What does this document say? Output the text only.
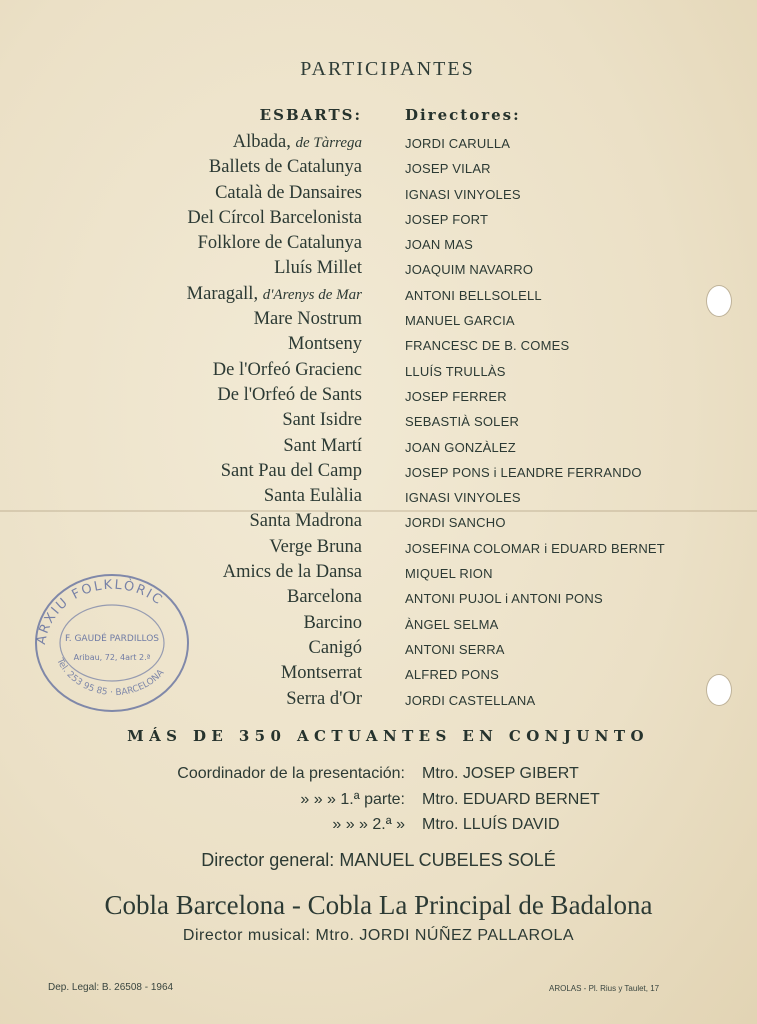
PARTICIPANTES
ESBARTS:	Directores:
Albada, de Tàrrega	JORDI CARULLA
Ballets de Catalunya	JOSEP VILAR
Català de Dansaires	IGNASI VINYOLES
Del Círcol Barcelonista	JOSEP FORT
Folklore de Catalunya	JOAN MAS
Lluís Millet	JOAQUIM NAVARRO
Maragall, d'Arenys de Mar	ANTONI BELLSOLELL
Mare Nostrum	MANUEL GARCIA
Montseny	FRANCESC DE B. COMES
De l'Orfeó Gracienc	LLUÍS TRULLÀS
De l'Orfeó de Sants	JOSEP FERRER
Sant Isidre	SEBASTIÀ SOLER
Sant Martí	JOAN GONZÀLEZ
Sant Pau del Camp	JOSEP PONS i LEANDRE FERRANDO
Santa Eulàlia	IGNASI VINYOLES
Santa Madrona	JORDI SANCHO
Verge Bruna	JOSEFINA COLOMAR i EDUARD BERNET
Amics de la Dansa	MIQUEL RION
Barcelona	ANTONI PUJOL i ANTONI PONS
Barcino	ÀNGEL SELMA
Canigó	ANTONI SERRA
Montserrat	ALFRED PONS
Serra d'Or	JORDI CASTELLANA
MÁS DE 350 ACTUANTES EN CONJUNTO
Coordinador de la presentación: Mtro. JOSEP GIBERT
» » » 1.ª parte: Mtro. EDUARD BERNET
» » » 2.ª » Mtro. LLUÍS DAVID
Director general: MANUEL CUBELES SOLÉ
Cobla Barcelona - Cobla La Principal de Badalona
Director musical: Mtro. JORDI NÚÑEZ PALLAROLA
Dep. Legal: B. 26508 - 1964	AROLAS - Pl. Rius y Taulet, 17
ARXIU FOLKLÒRIC
F. GAUDÉ PARDILLOS
Aribau, 72, 4art 2.ª
Tel. 253 95 85 · BARCELONA
